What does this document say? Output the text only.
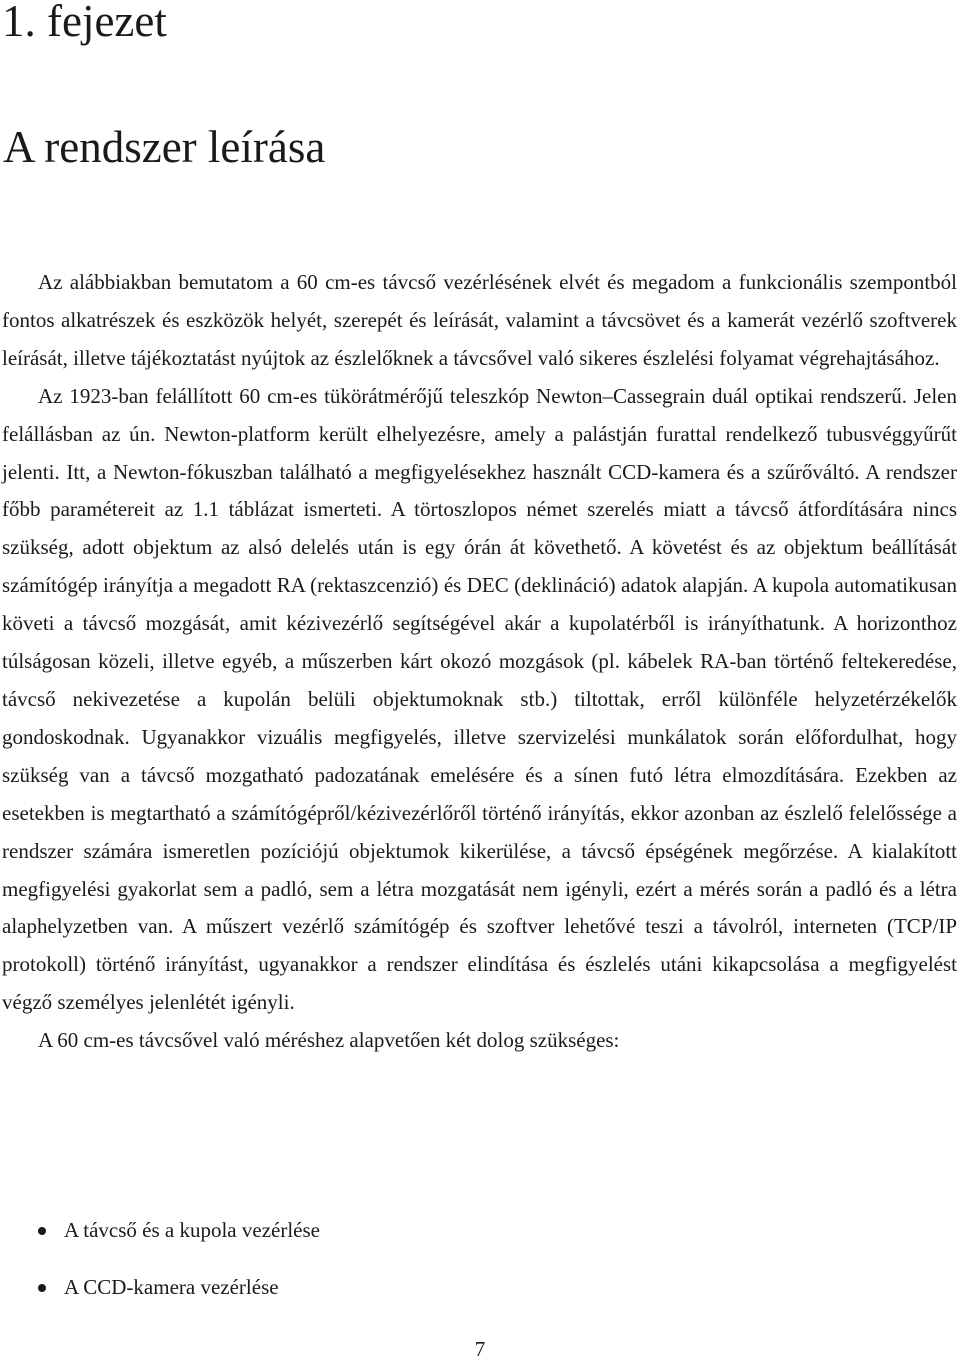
1. fejezet
A rendszer leírása

Az alábbiakban bemutatom a 60 cm-es távcső vezérlésének elvét és megadom a funkcionális szempontból fontos alkatrészek és eszközök helyét, szerepét és leírását, valamint a távcsövet és a kamerát vezérlő szoftverek leírását, illetve tájékoztatást nyújtok az észlelőknek a távcsővel való sikeres észlelési folyamat végrehajtásához.

Az 1923-ban felállított 60 cm-es tükörátmérőjű teleszkóp Newton–Cassegrain duál optikai rendszerű. Jelen felállásban az ún. Newton-platform került elhelyezésre, amely a palástján furattal rendelkező tubusvéggyűrűt jelenti. Itt, a Newton-fókuszban található a megfigyelésekhez használt CCD-kamera és a szűrőváltó. A rendszer főbb paramétereit az 1.1 táblázat ismerteti. A törtoszlopos német szerelés miatt a távcső átfordítására nincs szükség, adott objektum az alsó delelés után is egy órán át követhető. A követést és az objektum beállítását számítógép irányítja a megadott RA (rektaszcenzió) és DEC (deklináció) adatok alapján. A kupola automatikusan követi a távcső mozgását, amit kézivezérlő segítségével akár a kupolatérből is irányíthatunk. A horizonthoz túlságosan közeli, illetve egyéb, a műszerben kárt okozó mozgások (pl. kábelek RA-ban történő feltekeredése, távcső nekivezetése a kupolán belüli objektumoknak stb.) tiltottak, erről különféle helyzetérzékelők gondoskodnak. Ugyanakkor vizuális megfigyelés, illetve szervizelési munkálatok során előfordulhat, hogy szükség van a távcső mozgatható padozatának emelésére és a sínen futó létra elmozdítására. Ezekben az esetekben is megtartható a számítógépről/kézivezérlőről történő irányítás, ekkor azonban az észlelő felelőssége a rendszer számára ismeretlen pozíciójú objektumok kikerülése, a távcső épségének megőrzése. A kialakított megfigyelési gyakorlat sem a padló, sem a létra mozgatását nem igényli, ezért a mérés során a padló és a létra alaphelyzetben van. A műszert vezérlő számítógép és szoftver lehetővé teszi a távolról, interneten (TCP/IP protokoll) történő irányítást, ugyanakkor a rendszer elindítása és észlelés utáni kikapcsolása a megfigyelést végző személyes jelenlétét igényli.

A 60 cm-es távcsővel való méréshez alapvetően két dolog szükséges:

A távcső és a kupola vezérlése
A CCD-kamera vezérlése
7
